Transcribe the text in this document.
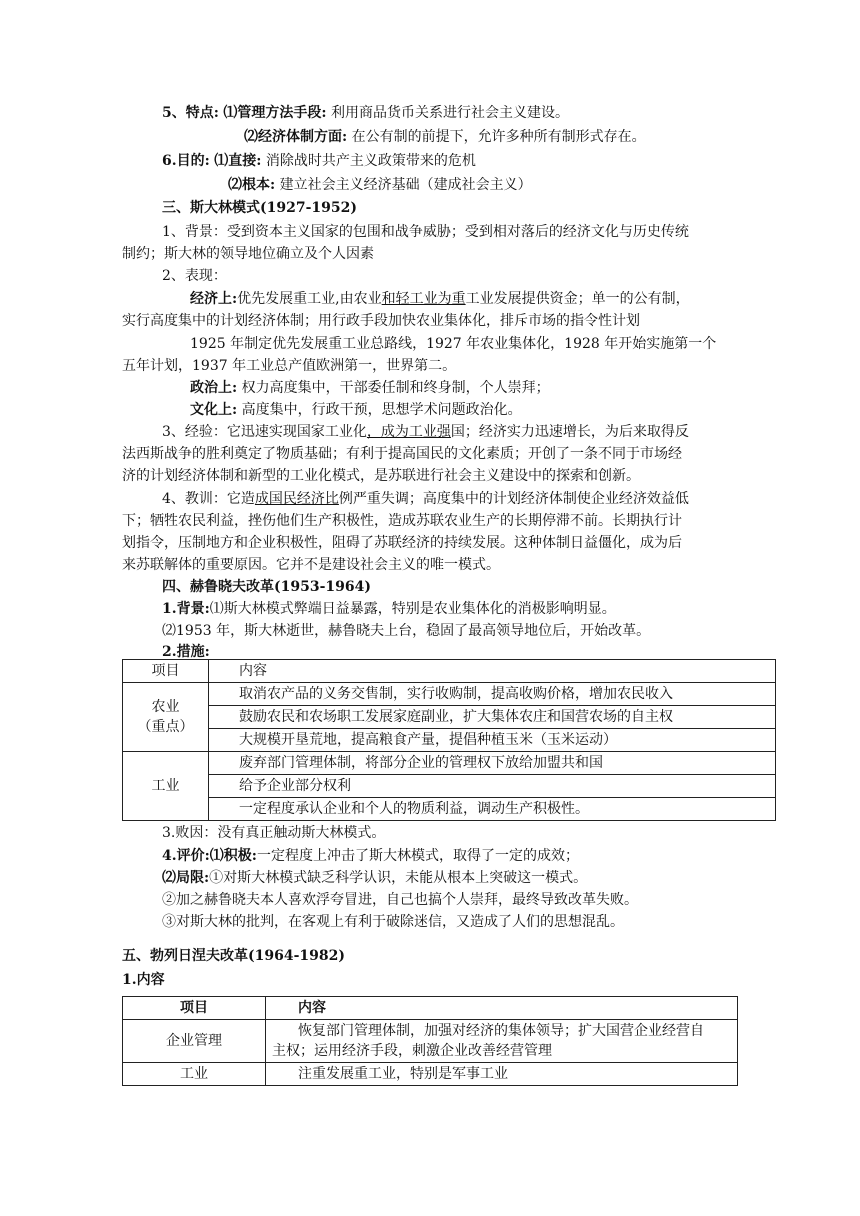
5、特点: ⑴管理方法手段: 利用商品货币关系进行社会主义建设。
⑵经济体制方面: 在公有制的前提下，允许多种所有制形式存在。
6.目的: ⑴直接: 消除战时共产主义政策带来的危机
⑵根本: 建立社会主义经济基础（建成社会主义）
三、斯大林模式(1927-1952)
1、背景：受到资本主义国家的包围和战争威胁；受到相对落后的经济文化与历史传统
制约；斯大林的领导地位确立及个人因素
2、表现：
经济上:优先发展重工业,由农业和轻工业为重工业发展提供资金；单一的公有制，
实行高度集中的计划经济体制；用行政手段加快农业集体化，排斥市场的指令性计划
1925 年制定优先发展重工业总路线，1927 年农业集体化，1928 年开始实施第一个
五年计划，1937 年工业总产值欧洲第一，世界第二。
政治上: 权力高度集中，干部委任制和终身制，个人崇拜；
文化上: 高度集中，行政干预，思想学术问题政治化。
3、经验：它迅速实现国家工业化，成为工业强国；经济实力迅速增长，为后来取得反
法西斯战争的胜利奠定了物质基础；有利于提高国民的文化素质；开创了一条不同于市场经
济的计划经济体制和新型的工业化模式，是苏联进行社会主义建设中的探索和创新。
4、教训：它造成国民经济比例严重失调；高度集中的计划经济体制使企业经济效益低
下；牺牲农民利益，挫伤他们生产积极性，造成苏联农业生产的长期停滞不前。长期执行计
划指令，压制地方和企业积极性，阻碍了苏联经济的持续发展。这种体制日益僵化，成为后
来苏联解体的重要原因。它并不是建设社会主义的唯一模式。
四、赫鲁晓夫改革(1953-1964)
1.背景:⑴斯大林模式弊端日益暴露，特别是农业集体化的消极影响明显。
⑵1953 年，斯大林逝世，赫鲁晓夫上台，稳固了最高领导地位后，开始改革。
2.措施:
项目	内容

农业
（重点）	取消农产品的义务交售制，实行收购制，提高收购价格，增加农民收入
	鼓励农民和农场职工发展家庭副业，扩大集体农庄和国营农场的自主权
	大规模开垦荒地，提高粮食产量，提倡种植玉米（玉米运动）
工业	废弃部门管理体制，将部分企业的管理权下放给加盟共和国
	给予企业部分权利
	一定程度承认企业和个人的物质利益，调动生产积极性。
3.败因：没有真正触动斯大林模式。
4.评价:⑴积极:一定程度上冲击了斯大林模式，取得了一定的成效；
⑵局限:①对斯大林模式缺乏科学认识，未能从根本上突破这一模式。
②加之赫鲁晓夫本人喜欢浮夸冒进，自己也搞个人崇拜，最终导致改革失败。
③对斯大林的批判，在客观上有利于破除迷信，又造成了人们的思想混乱。
五、勃列日涅夫改革(1964-1982)
1.内容
项目	内容
企业管理	恢复部门管理体制，加强对经济的集体领导；扩大国营企业经营自
主权；运用经济手段，刺激企业改善经营管理

工业	注重发展重工业，特别是军事工业
